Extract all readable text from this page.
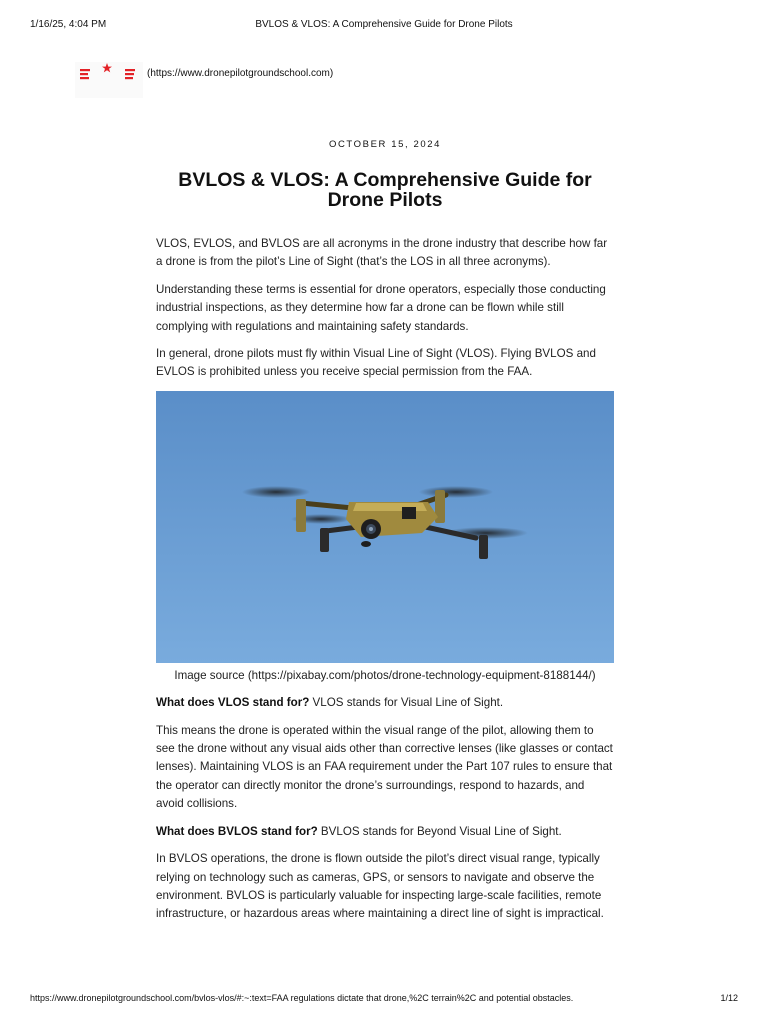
1/16/25, 4:04 PM	BVLOS & VLOS: A Comprehensive Guide for Drone Pilots
(https://www.dronepilotgroundschool.com)
OCTOBER 15, 2024
BVLOS & VLOS: A Comprehensive Guide for Drone Pilots

VLOS, EVLOS, and BVLOS are all acronyms in the drone industry that describe how far a drone is from the pilot’s Line of Sight (that’s the LOS in all three acronyms).

Understanding these terms is essential for drone operators, especially those conducting industrial inspections, as they determine how far a drone can be flown while still complying with regulations and maintaining safety standards.

In general, drone pilots must fly within Visual Line of Sight (VLOS). Flying BVLOS and EVLOS is prohibited unless you receive special permission from the FAA.

Image source (https://pixabay.com/photos/drone-technology-equipment-8188144/)

What does VLOS stand for? VLOS stands for Visual Line of Sight.

This means the drone is operated within the visual range of the pilot, allowing them to see the drone without any visual aids other than corrective lenses (like glasses or contact lenses). Maintaining VLOS is an FAA requirement under the Part 107 rules to ensure that the operator can directly monitor the drone’s surroundings, respond to hazards, and avoid collisions.

What does BVLOS stand for? BVLOS stands for Beyond Visual Line of Sight.

In BVLOS operations, the drone is flown outside the pilot’s direct visual range, typically relying on technology such as cameras, GPS, or sensors to navigate and observe the environment. BVLOS is particularly valuable for inspecting large-scale facilities, remote infrastructure, or hazardous areas where maintaining a direct line of sight is impractical.

https://www.dronepilotgroundschool.com/bvlos-vlos/#:~:text=FAA regulations dictate that drone,%2C terrain%2C and potential obstacles.	1/12
